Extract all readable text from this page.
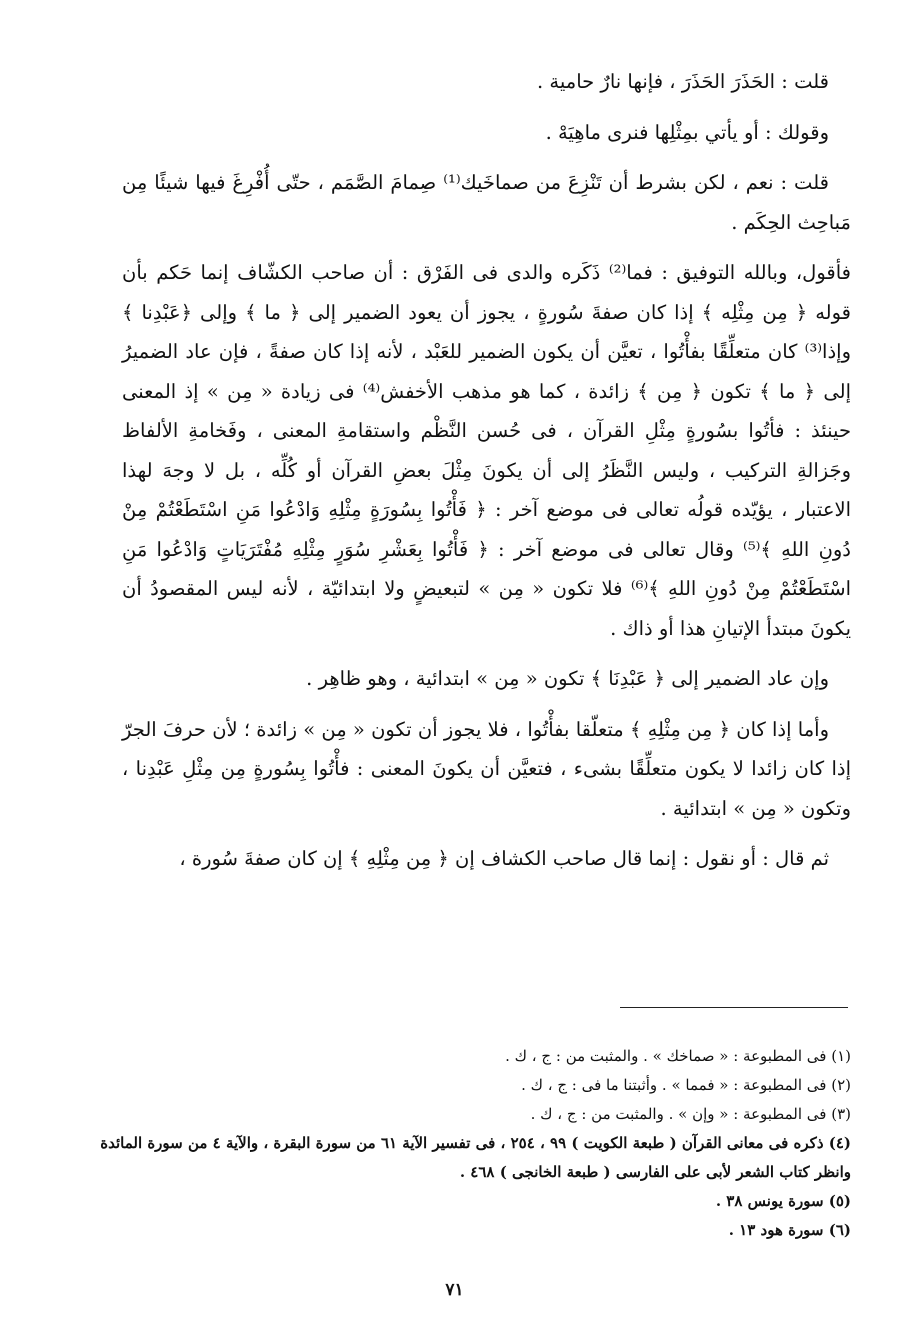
قلت : الحَذَرَ الحَذَرَ ، فإنها نارٌ حامية .

وقولك : أو يأتي بمِثْلِها فنرى ماهِيَهْ .

قلت : نعم ، لكن بشرط أن تَنْزِعَ من صماخَيك⁽¹⁾ صِمامَ الصَّمَم ، حتّى أُفْرِغَ فيها شيئًا مِن مَباحِث الحِكَم .

فأقول، وبالله التوفيق : فما⁽²⁾ ذَكَره والدى فى الفَرْق : أن صاحب الكشّاف إنما حَكم بأن قوله ﴿ مِن مِثْلِه ﴾ إذا كان صفةَ سُورةٍ ، يجوز أن يعود الضمير إلى ﴿ ما ﴾ وإلى ﴿عَبْدِنا ﴾ وإذا⁽³⁾ كان متعلِّقًا بفأْتُوا ، تعيَّن أن يكون الضمير للعَبْد ، لأنه إذا كان صفةً ، فإن عاد الضميرُ إلى ﴿ ما ﴾ تكون ﴿ مِن ﴾ زائدة ، كما هو مذهب الأخفش⁽⁴⁾ فى زيادة « مِن » إذ المعنى حينئذ : فأتُوا بسُورةٍ مِثْلِ القرآن ، فى حُسن النَّظْم واستقامةِ المعنى ، وفَخامةِ الألفاظ وجَزالةِ التركيب ، وليس النَّظَرُ إلى أن يكونَ مِثْلَ بعضِ القرآن أو كُلِّه ، بل لا وجهَ لهذا الاعتبار ، يؤيّده قولُه تعالى فى موضع آخر : ﴿ فَأْتُوا بِسُورَةٍ مِثْلِهِ وَادْعُوا مَنِ اسْتَطَعْتُمْ مِنْ دُونِ اللهِ ﴾⁽⁵⁾ وقال تعالى فى موضع آخر : ﴿ فَأْتُوا بِعَشْرِ سُوَرٍ مِثْلِهِ مُفْتَرَيَاتٍ وَادْعُوا مَنِ اسْتَطَعْتُمْ مِنْ دُونِ اللهِ ﴾⁽⁶⁾ فلا تكون « مِن » لتبعيضٍ ولا ابتدائيّة ، لأنه ليس المقصودُ أن يكونَ مبتدأ الإتيانِ هذا أو ذاك .

وإن عاد الضمير إلى ﴿ عَبْدِنَا ﴾ تكون « مِن » ابتدائية ، وهو ظاهِر .

وأما إذا كان ﴿ مِن مِثْلِهِ ﴾ متعلّقا بفأْتُوا ، فلا يجوز أن تكون « مِن » زائدة ؛ لأن حرفَ الجرّ إذا كان زائدا لا يكون متعلِّقًا بشىء ، فتعيَّن أن يكونَ المعنى : فأْتُوا بِسُورةٍ مِن مِثْلِ عَبْدِنا ، وتكون « مِن » ابتدائية .

ثم قال : أو نقول : إنما قال صاحب الكشاف إن ﴿ مِن مِثْلِهِ ﴾ إن كان صفةَ سُورة ،

(١) فى المطبوعة : « صماخك » . والمثبت من : ج ، ك .

(٢) فى المطبوعة : « فمما » . وأثبتنا ما فى : ج ، ك .

(٣) فى المطبوعة : « وإن » . والمثبت من : ج ، ك .

(٤) ذكره فى معانى القرآن ( طبعة الكويت ) ٩٩ ، ٢٥٤ ، فى تفسير الآية ٦١ من سورة البقرة ، والآية ٤ من سورة المائدة

وانظر كتاب الشعر لأبى على الفارسى ( طبعة الخانجى ) ٤٦٨ .

(٥) سورة يونس ٣٨ .

(٦) سورة هود ١٣ .

٧١
